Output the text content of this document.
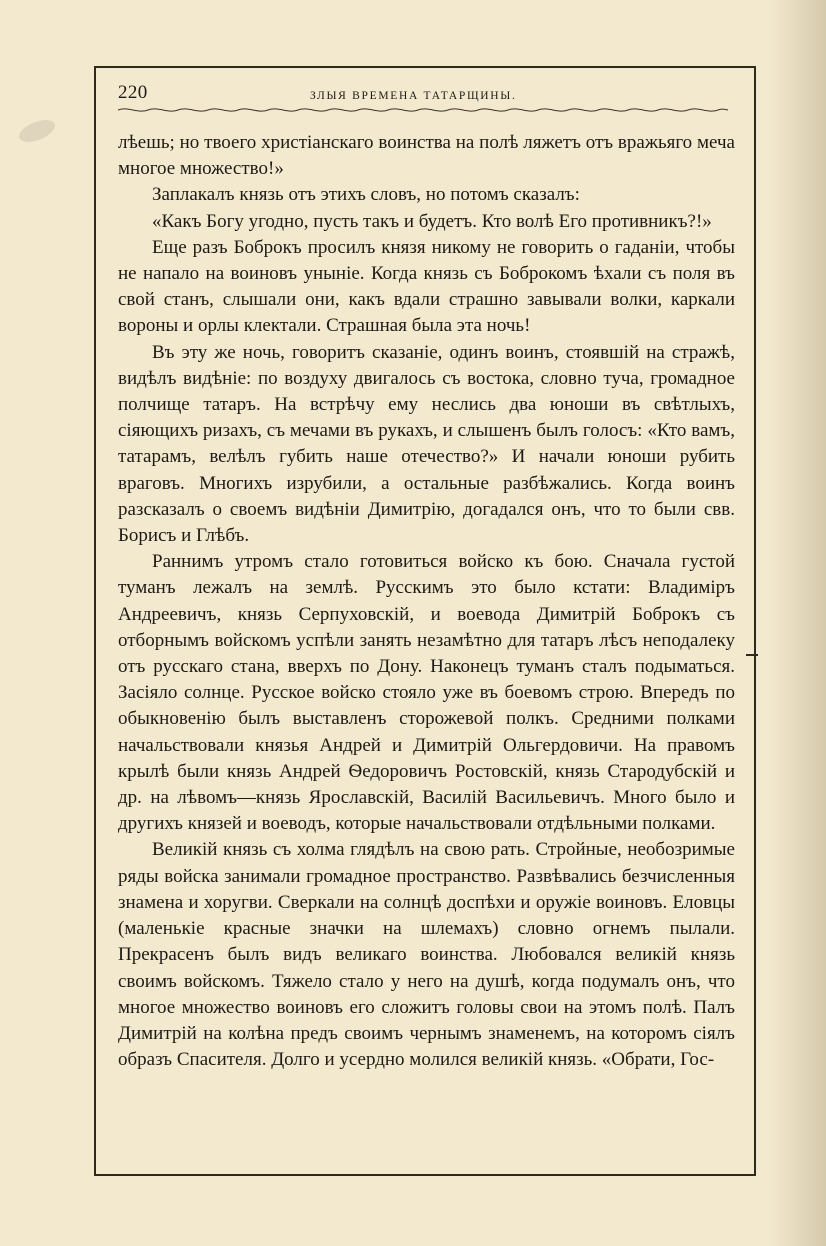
220	ЗЛЫЯ ВРЕМЕНА ТАТАРЩИНЫ.

лѣешь; но твоего христіанскаго воинства на полѣ ляжетъ отъ вражьяго меча многое множество!»

Заплакалъ князь отъ этихъ словъ, но потомъ сказалъ:

«Какъ Богу угодно, пусть такъ и будетъ. Кто волѣ Его противникъ?!»

Еще разъ Боброкъ просилъ князя никому не говорить о гаданіи, чтобы не напало на воиновъ уныніе. Когда князь съ Боброкомъ ѣхали съ поля въ свой станъ, слышали они, какъ вдали страшно завывали волки, каркали вороны и орлы клектали. Страшная была эта ночь!

Въ эту же ночь, говоритъ сказаніе, одинъ воинъ, стоявшій на стражѣ, видѣлъ видѣніе: по воздуху двигалось съ востока, словно туча, громадное полчище татаръ. На встрѣчу ему неслись два юноши въ свѣтлыхъ, сіяющихъ ризахъ, съ мечами въ рукахъ, и слышенъ былъ голосъ: «Кто вамъ, татарамъ, велѣлъ губить наше отечество?» И начали юноши рубить враговъ. Многихъ изрубили, а остальные разбѣжались. Когда воинъ разсказалъ о своемъ видѣніи Димитрію, догадался онъ, что то были свв. Борисъ и Глѣбъ.

Раннимъ утромъ стало готовиться войско къ бою. Сначала густой туманъ лежалъ на землѣ. Русскимъ это было кстати: Владиміръ Андреевичъ, князь Серпуховскій, и воевода Димитрій Боброкъ съ отборнымъ войскомъ успѣли занять незамѣтно для татаръ лѣсъ неподалеку отъ русскаго стана, вверхъ по Дону. Наконецъ туманъ сталъ подыматься. Засіяло солнце. Русское войско стояло уже въ боевомъ строю. Впередъ по обыкновенію былъ выставленъ сторожевой полкъ. Средними полками начальствовали князья Андрей и Димитрій Ольгердовичи. На правомъ крылѣ были князь Андрей Ѳедоровичъ Ростовскій, князь Стародубскій и др. на лѣвомъ—князь Ярославскій, Василій Васильевичъ. Много было и другихъ князей и воеводъ, которые начальствовали отдѣльными полками.

Великій князь съ холма глядѣлъ на свою рать. Стройные, необозримые ряды войска занимали громадное пространство. Развѣвались безчисленныя знамена и хоругви. Сверкали на солнцѣ доспѣхи и оружіе воиновъ. Еловцы (маленькіе красные значки на шлемахъ) словно огнемъ пылали. Прекрасенъ былъ видъ великаго воинства. Любовался великій князь своимъ войскомъ. Тяжело стало у него на душѣ, когда подумалъ онъ, что многое множество воиновъ его сложитъ головы свои на этомъ полѣ. Палъ Димитрій на колѣна предъ своимъ чернымъ знаменемъ, на которомъ сіялъ образъ Спасителя. Долго и усердно молился великій князь. «Обрати, Гос-
